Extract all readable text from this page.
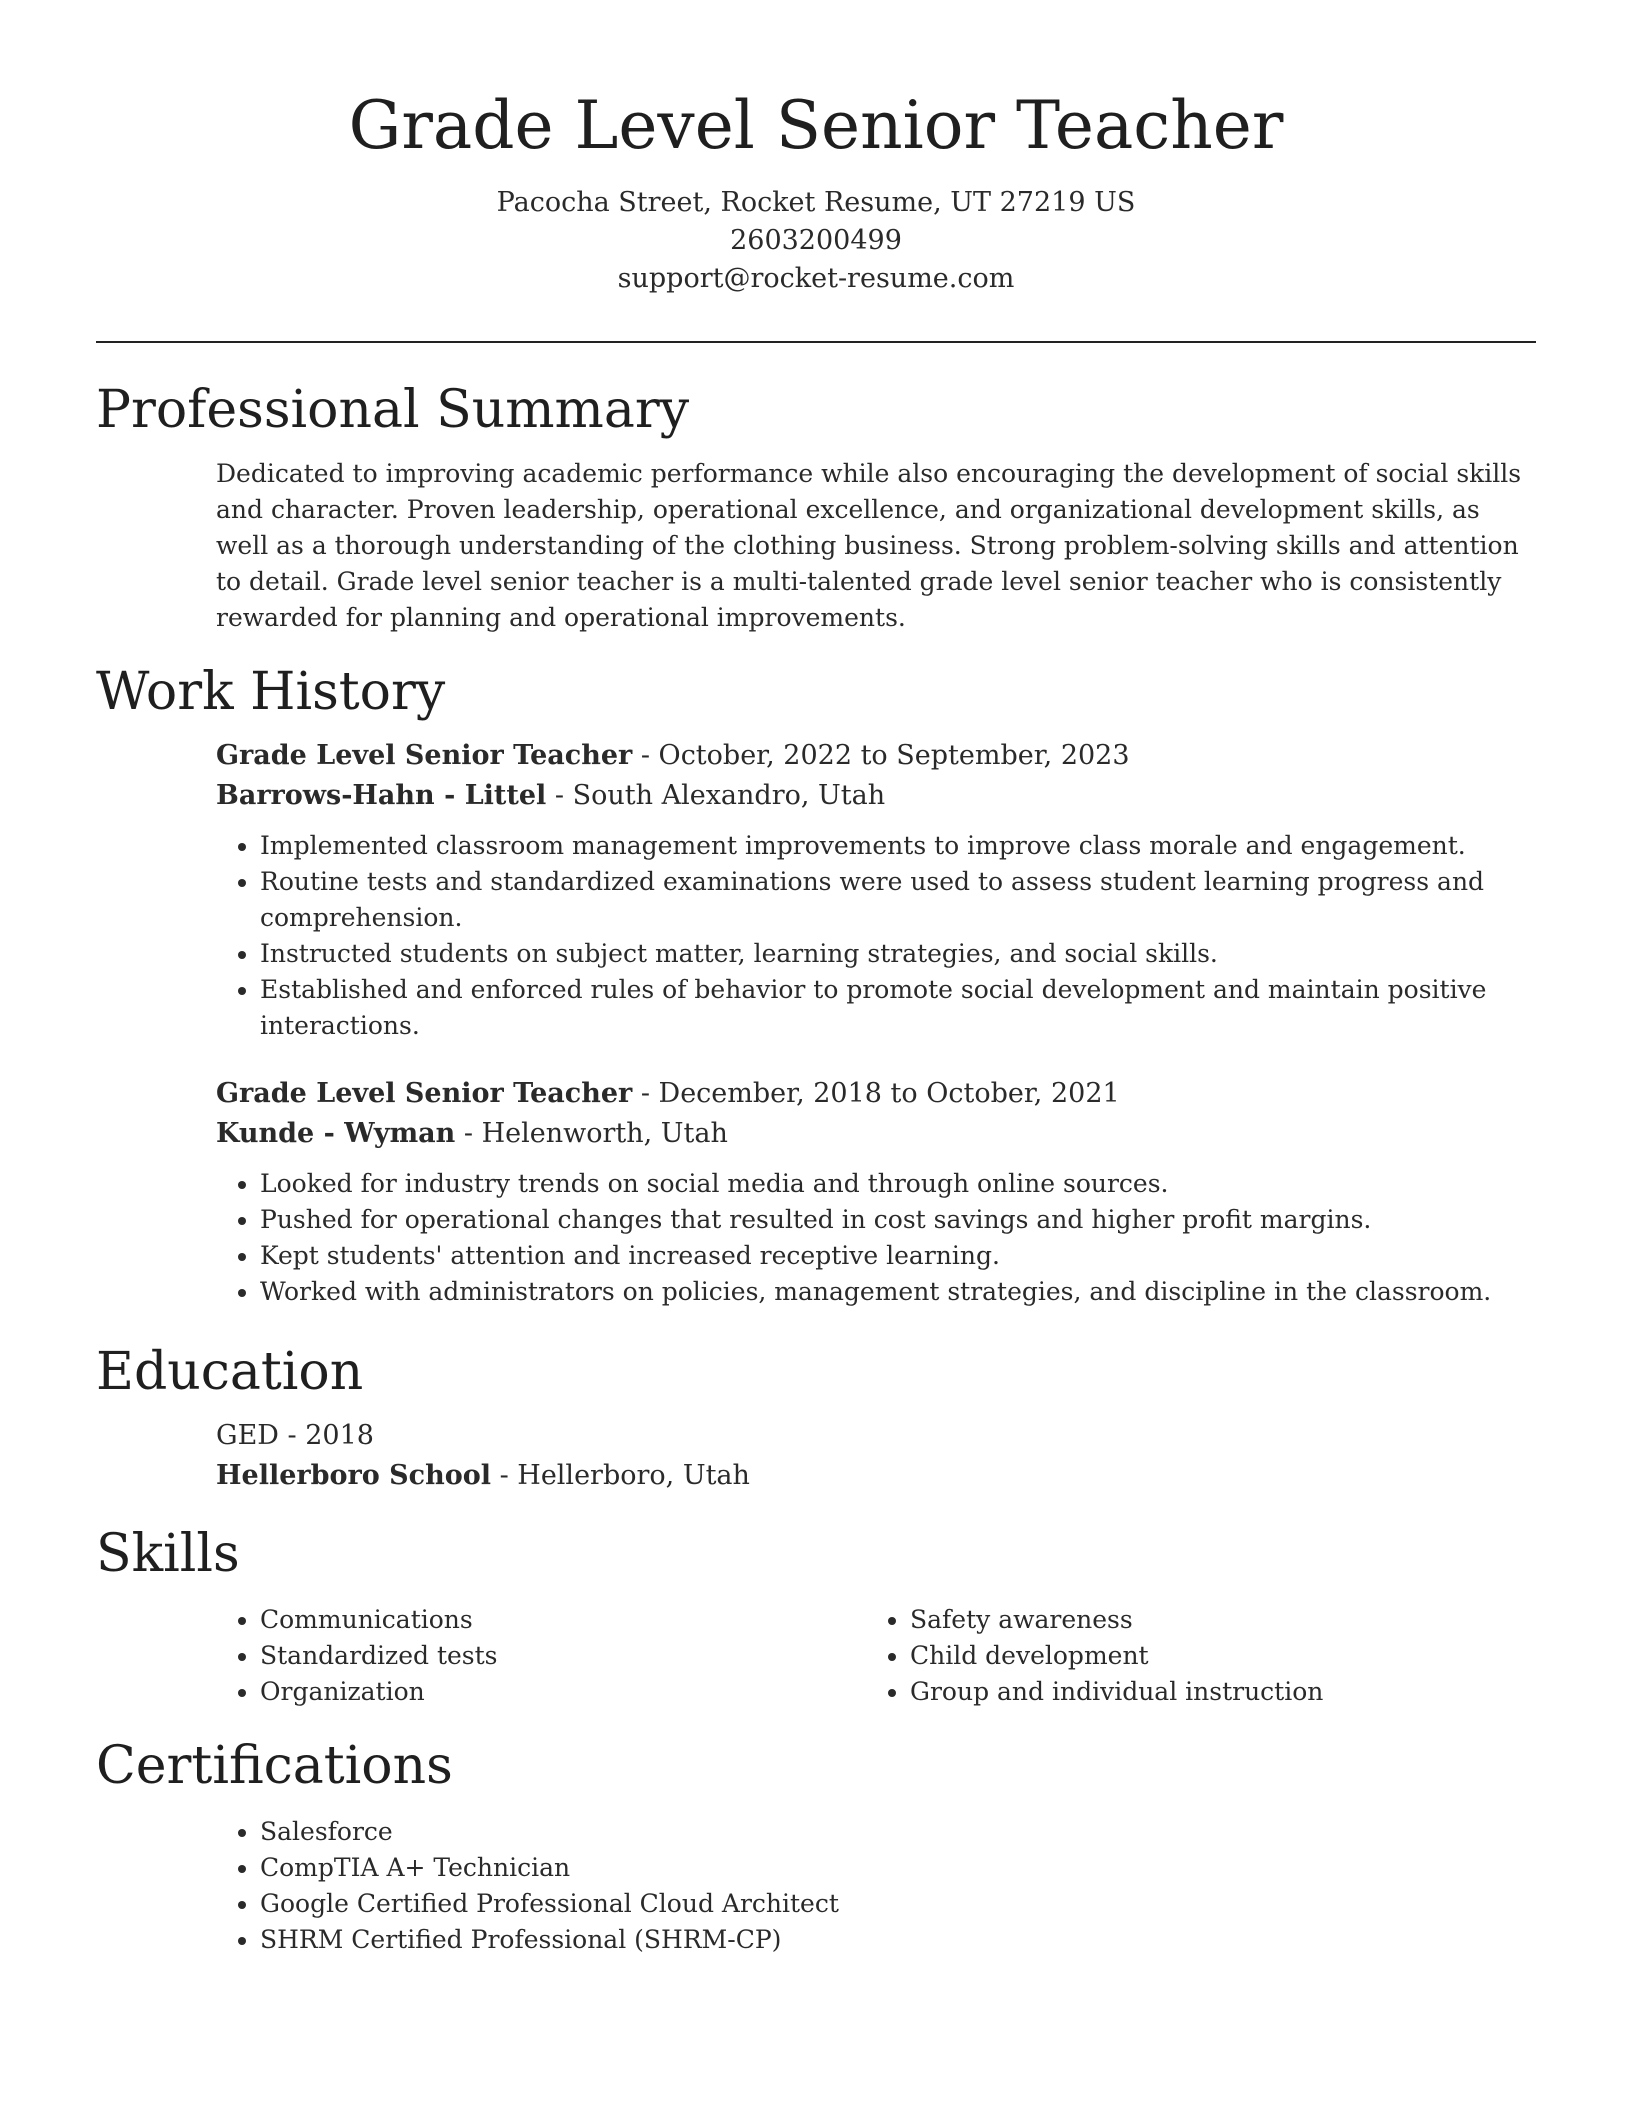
Grade Level Senior Teacher
Pacocha Street, Rocket Resume, UT 27219 US
2603200499
support@rocket-resume.com
Professional Summary
Dedicated to improving academic performance while also encouraging the development of social skills and character. Proven leadership, operational excellence, and organizational development skills, as well as a thorough understanding of the clothing business. Strong problem-solving skills and attention to detail. Grade level senior teacher is a multi-talented grade level senior teacher who is consistently rewarded for planning and operational improvements.
Work History
Grade Level Senior Teacher - October, 2022 to September, 2023
Barrows-Hahn - Littel - South Alexandro, Utah
• Implemented classroom management improvements to improve class morale and engagement.
• Routine tests and standardized examinations were used to assess student learning progress and comprehension.
• Instructed students on subject matter, learning strategies, and social skills.
• Established and enforced rules of behavior to promote social development and maintain positive interactions.
Grade Level Senior Teacher - December, 2018 to October, 2021
Kunde - Wyman - Helenworth, Utah
• Looked for industry trends on social media and through online sources.
• Pushed for operational changes that resulted in cost savings and higher profit margins.
• Kept students' attention and increased receptive learning.
• Worked with administrators on policies, management strategies, and discipline in the classroom.
Education
GED - 2018
Hellerboro School - Hellerboro, Utah
Skills
• Communications
• Standardized tests
• Organization
• Safety awareness
• Child development
• Group and individual instruction
Certifications
• Salesforce
• CompTIA A+ Technician
• Google Certified Professional Cloud Architect
• SHRM Certified Professional (SHRM-CP)
